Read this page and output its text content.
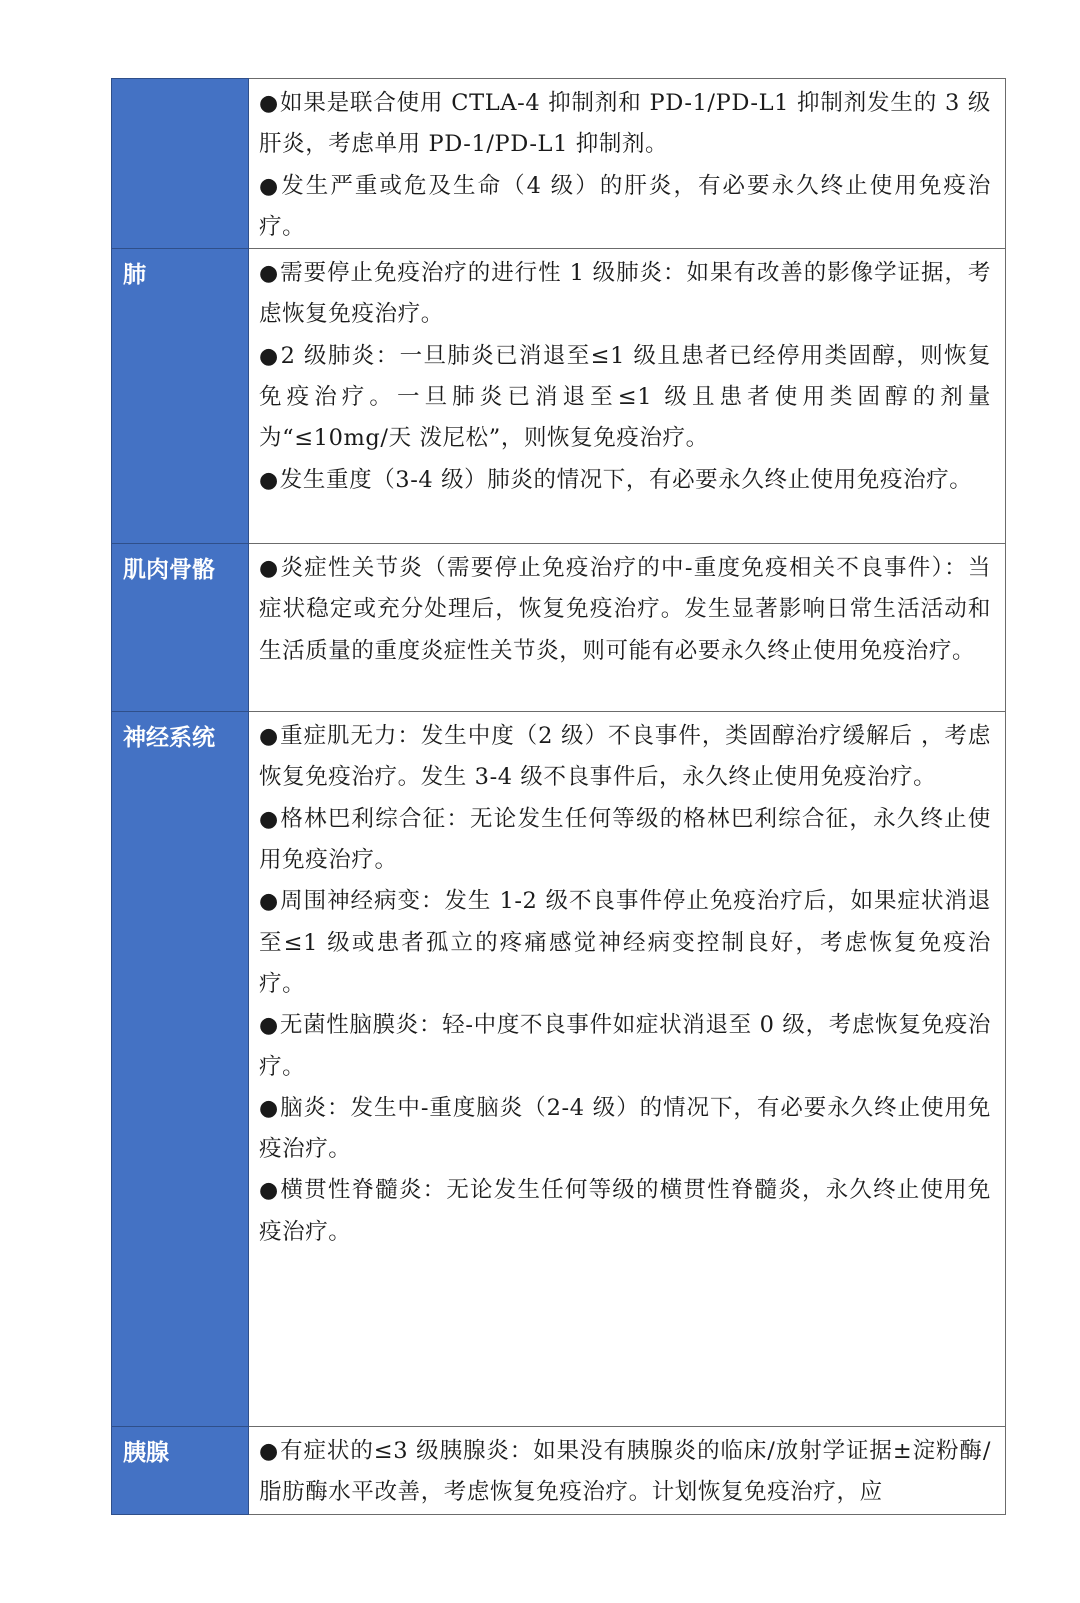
	●如果是联合使用 CTLA-4 抑制剂和 PD-1/PD-L1 抑制剂发生的 3 级肝炎，考虑单用 PD-1/PD-L1 抑制剂。
●发生严重或危及生命（4 级）的肝炎，有必要永久终止使用免疫治疗。

肺	●需要停止免疫治疗的进行性 1 级肺炎：如果有改善的影像学证据，考虑恢复免疫治疗。
●2 级肺炎：一旦肺炎已消退至≤1 级且患者已经停用类固醇，则恢复免疫治疗。一旦肺炎已消退至≤1 级且患者使用类固醇的剂量为“≤10mg/天 泼尼松”，则恢复免疫治疗。
●发生重度（3-4 级）肺炎的情况下，有必要永久终止使用免疫治疗。

肌肉骨骼	●炎症性关节炎（需要停止免疫治疗的中-重度免疫相关不良事件）：当症状稳定或充分处理后，恢复免疫治疗。发生显著影响日常生活活动和生活质量的重度炎症性关节炎，则可能有必要永久终止使用免疫治疗。

神经系统	●重症肌无力：发生中度（2 级）不良事件，类固醇治疗缓解后 ，考虑恢复免疫治疗。发生 3-4 级不良事件后，永久终止使用免疫治疗。
●格林巴利综合征：无论发生任何等级的格林巴利综合征，永久终止使用免疫治疗。
●周围神经病变：发生 1-2 级不良事件停止免疫治疗后，如果症状消退至≤1 级或患者孤立的疼痛感觉神经病变控制良好，考虑恢复免疫治疗。
●无菌性脑膜炎：轻-中度不良事件如症状消退至 0 级，考虑恢复免疫治疗。
●脑炎：发生中-重度脑炎（2-4 级）的情况下，有必要永久终止使用免疫治疗。
●横贯性脊髓炎：无论发生任何等级的横贯性脊髓炎，永久终止使用免疫治疗。

胰腺	●有症状的≤3 级胰腺炎：如果没有胰腺炎的临床/放射学证据±淀粉酶/脂肪酶水平改善，考虑恢复免疫治疗。计划恢复免疫治疗，应
